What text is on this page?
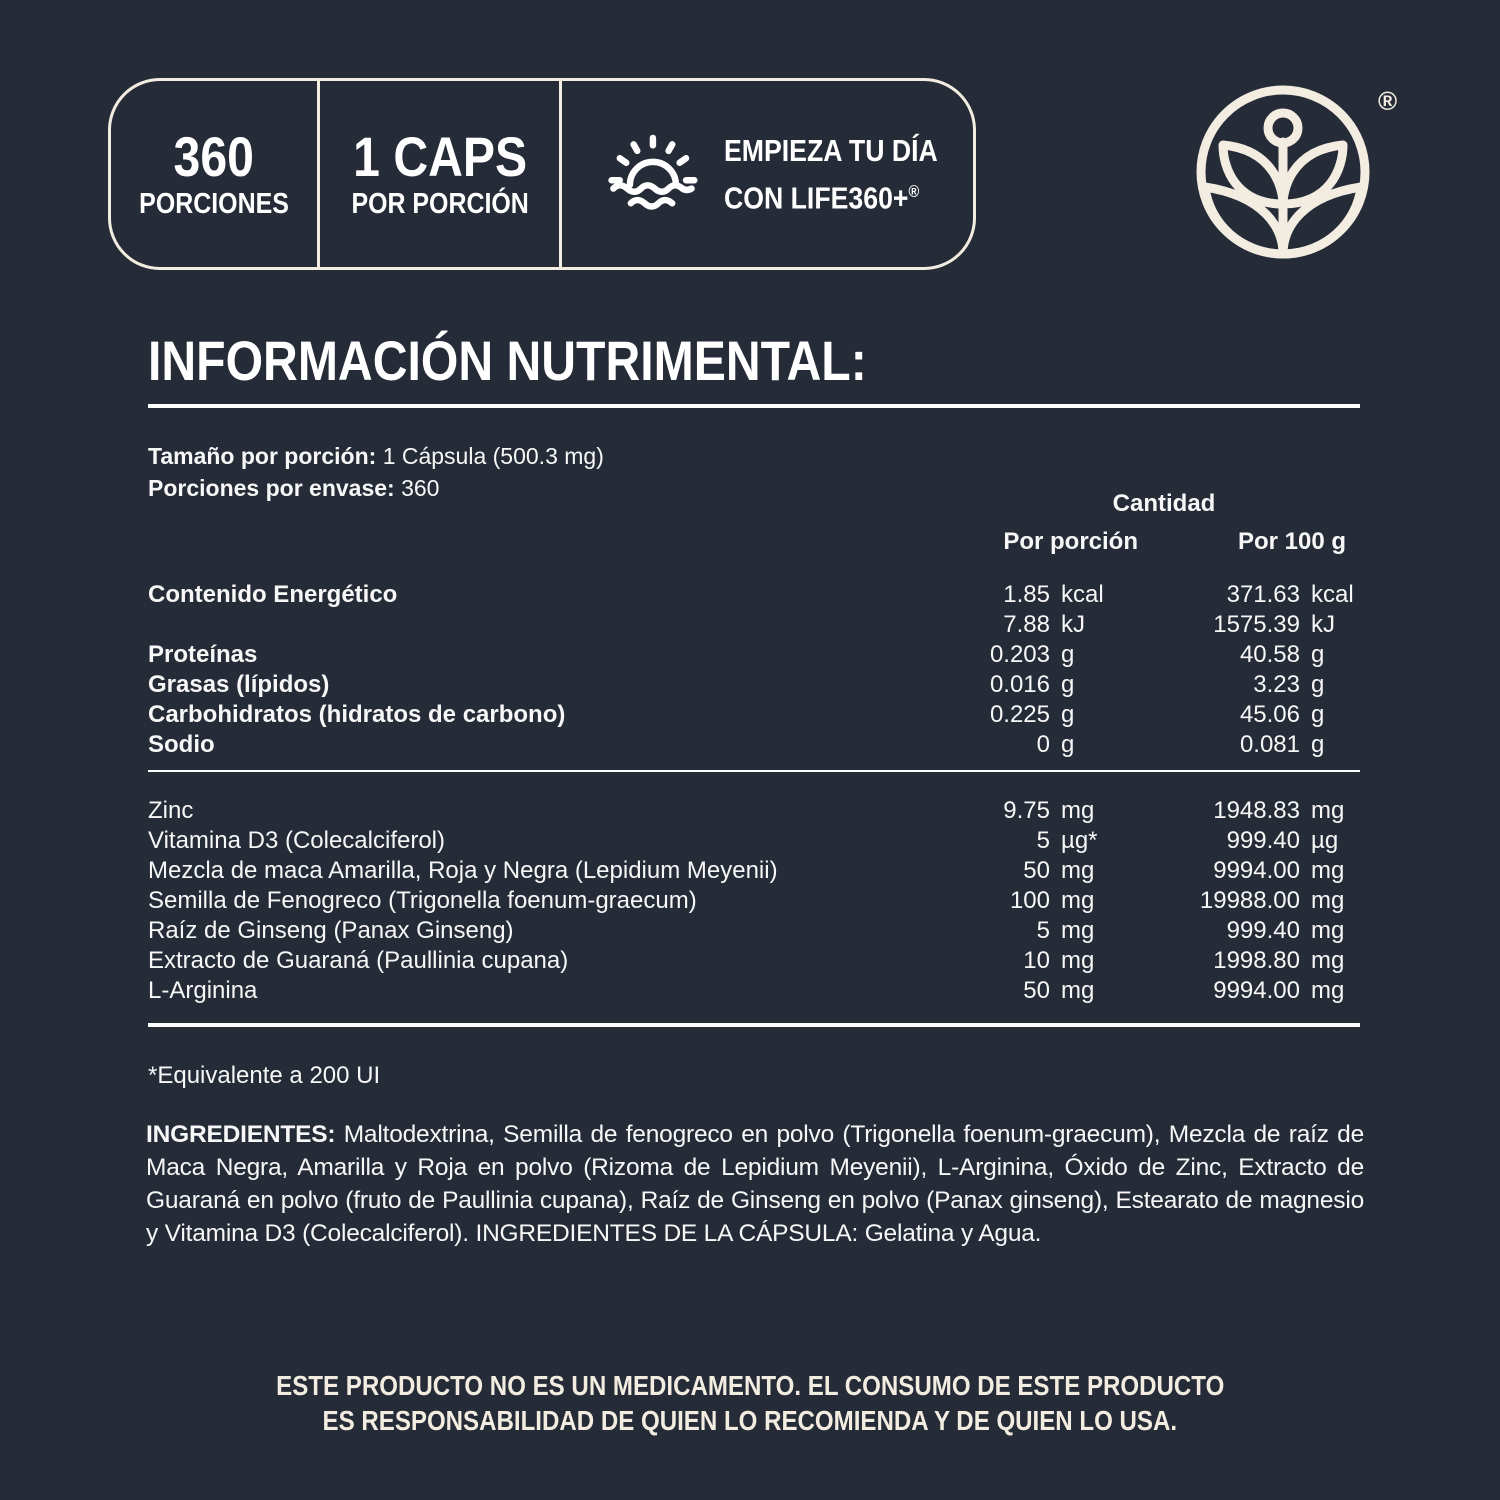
360
PORCIONES
1 CAPS
POR PORCIÓN
EMPIEZA TU DÍA
CON LIFE360+®
®
INFORMACIÓN NUTRIMENTAL:
Tamaño por porción: 1 Cápsula (500.3 mg)
Porciones por envase: 360
Cantidad
Por porción	Por 100 g
Contenido Energético	1.85 kcal	371.63 kcal
7.88 kJ	1575.39 kJ
Proteínas	0.203 g	40.58 g
Grasas (lípidos)	0.016 g	3.23 g
Carbohidratos (hidratos de carbono)	0.225 g	45.06 g
Sodio	0 g	0.081 g
Zinc	9.75 mg	1948.83 mg
Vitamina D3 (Colecalciferol)	5 µg*	999.40 µg
Mezcla de maca Amarilla, Roja y Negra (Lepidium Meyenii)	50 mg	9994.00 mg
Semilla de Fenogreco (Trigonella foenum-graecum)	100 mg	19988.00 mg
Raíz de Ginseng (Panax Ginseng)	5 mg	999.40 mg
Extracto de Guaraná (Paullinia cupana)	10 mg	1998.80 mg
L-Arginina	50 mg	9994.00 mg
*Equivalente a 200 UI
INGREDIENTES: Maltodextrina, Semilla de fenogreco en polvo (Trigonella foenum-graecum), Mezcla de raíz de Maca Negra, Amarilla y Roja en polvo (Rizoma de Lepidium Meyenii), L-Arginina, Óxido de Zinc, Extracto de Guaraná en polvo (fruto de Paullinia cupana), Raíz de Ginseng en polvo (Panax ginseng), Estearato de magnesio y Vitamina D3 (Colecalciferol). INGREDIENTES DE LA CÁPSULA: Gelatina y Agua.
ESTE PRODUCTO NO ES UN MEDICAMENTO. EL CONSUMO DE ESTE PRODUCTO
ES RESPONSABILIDAD DE QUIEN LO RECOMIENDA Y DE QUIEN LO USA.
